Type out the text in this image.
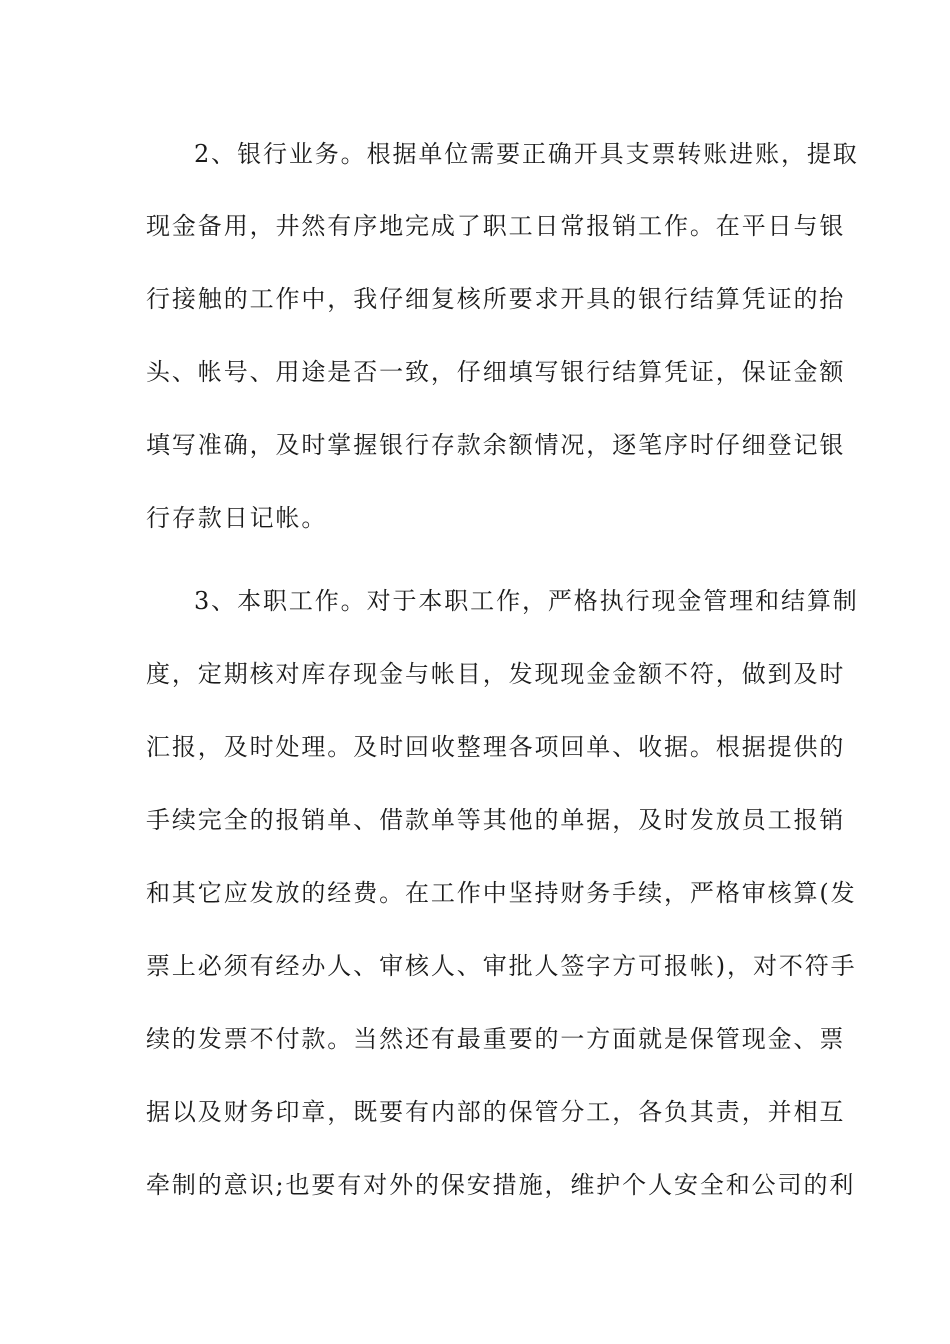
2、银行业务。根据单位需要正确开具支票转账进账，提取
现金备用，井然有序地完成了职工日常报销工作。在平日与银
行接触的工作中，我仔细复核所要求开具的银行结算凭证的抬
头、帐号、用途是否一致，仔细填写银行结算凭证，保证金额
填写准确，及时掌握银行存款余额情况，逐笔序时仔细登记银
行存款日记帐。
3、本职工作。对于本职工作，严格执行现金管理和结算制
度，定期核对库存现金与帐目，发现现金金额不符，做到及时
汇报，及时处理。及时回收整理各项回单、收据。根据提供的
手续完全的报销单、借款单等其他的单据，及时发放员工报销
和其它应发放的经费。在工作中坚持财务手续，严格审核算(发
票上必须有经办人、审核人、审批人签字方可报帐)，对不符手
续的发票不付款。当然还有最重要的一方面就是保管现金、票
据以及财务印章，既要有内部的保管分工，各负其责，并相互
牵制的意识;也要有对外的保安措施，维护个人安全和公司的利
